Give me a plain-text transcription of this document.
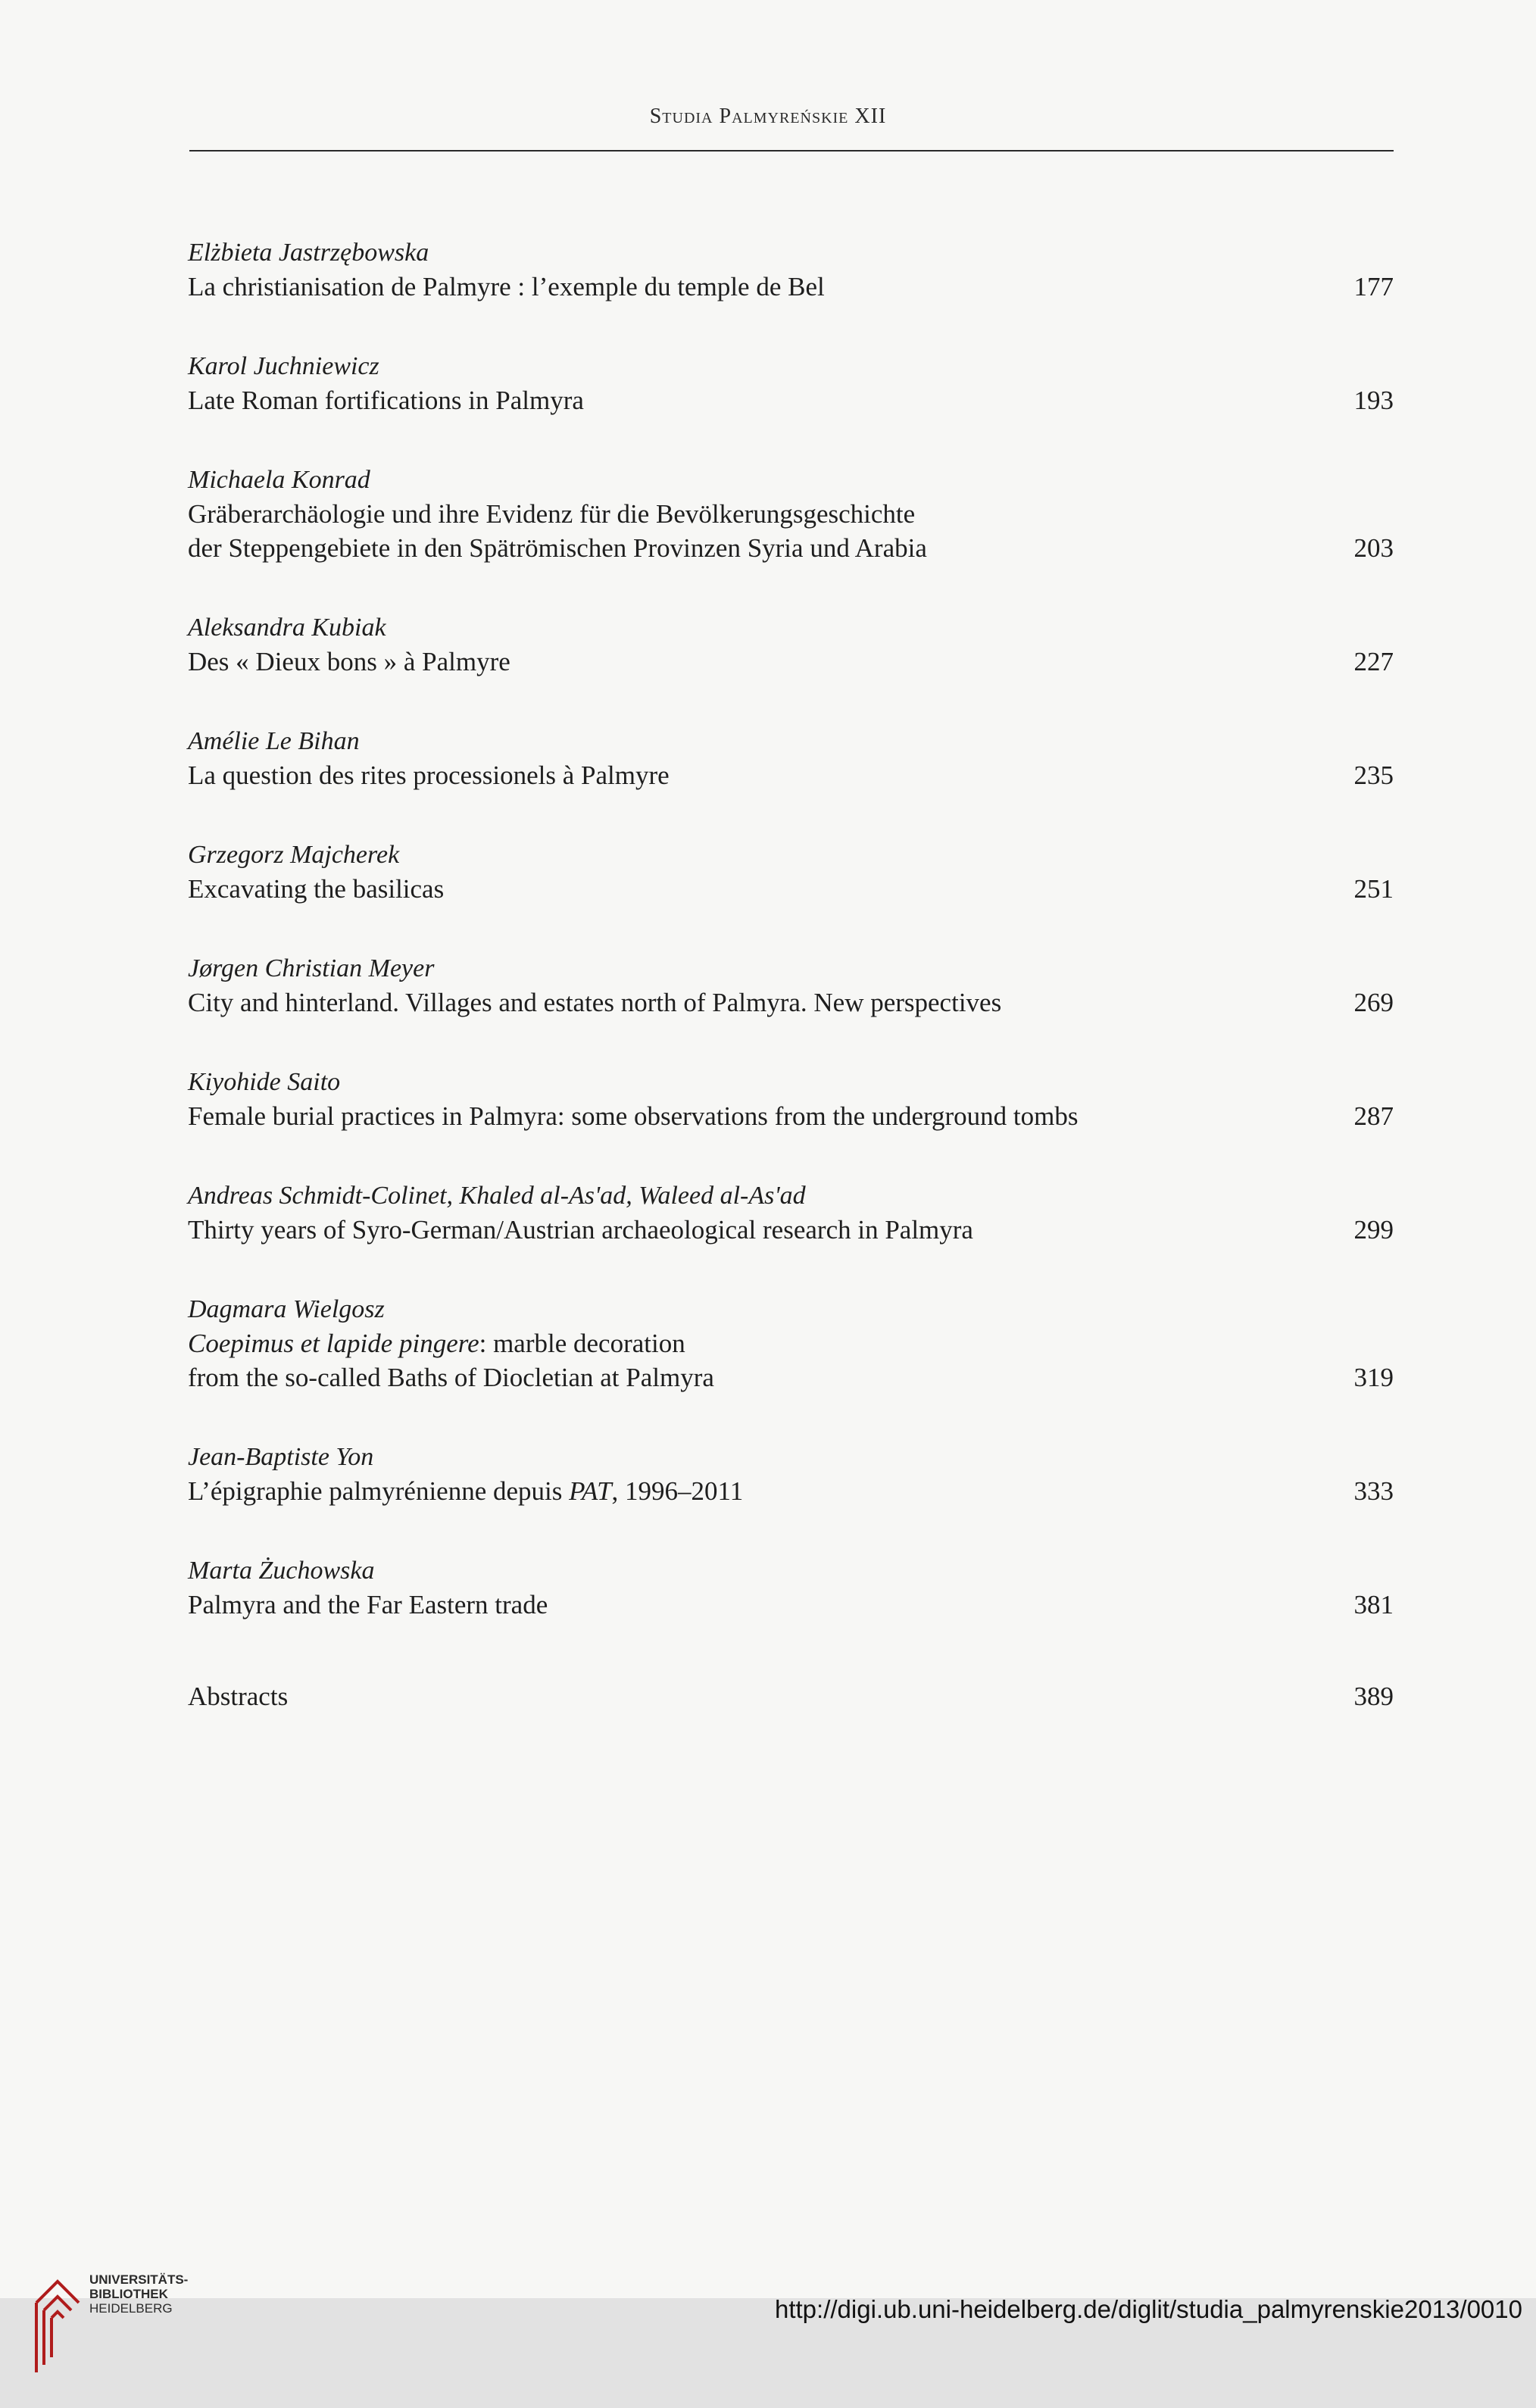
Studia Palmyreńskie XII
Elżbieta Jastrzębowska
La christianisation de Palmyre : l’exemple du temple de Bel	177
Karol Juchniewicz
Late Roman fortifications in Palmyra	193
Michaela Konrad
Gräberarchäologie und ihre Evidenz für die Bevölkerungsgeschichte
der Steppengebiete in den Spätrömischen Provinzen Syria und Arabia	203
Aleksandra Kubiak
Des « Dieux bons » à Palmyre	227
Amélie Le Bihan
La question des rites processionels à Palmyre	235
Grzegorz Majcherek
Excavating the basilicas	251
Jørgen Christian Meyer
City and hinterland. Villages and estates north of Palmyra. New perspectives	269
Kiyohide Saito
Female burial practices in Palmyra: some observations from the underground tombs	287
Andreas Schmidt-Colinet, Khaled al-As'ad, Waleed al-As'ad
Thirty years of Syro-German/Austrian archaeological research in Palmyra	299
Dagmara Wielgosz
Coepimus et lapide pingere: marble decoration
from the so-called Baths of Diocletian at Palmyra	319
Jean-Baptiste Yon
L’épigraphie palmyrénienne depuis PAT, 1996–2011	333
Marta Żuchowska
Palmyra and the Far Eastern trade	381
Abstracts	389
UNIVERSITÄTS-
BIBLIOTHEK
HEIDELBERG	http://digi.ub.uni-heidelberg.de/diglit/studia_palmyrenskie2013/0010
